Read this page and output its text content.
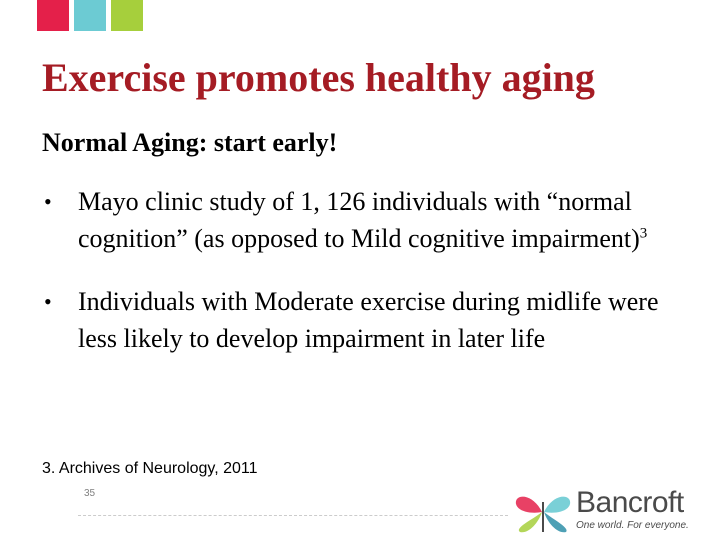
Exercise promotes healthy aging
Normal Aging: start early!
• Mayo clinic study of 1, 126 individuals with “normal cognition” (as opposed to Mild cognitive impairment)$^3$
• Individuals with Moderate exercise during midlife were less likely to develop impairment in later life
3. Archives of Neurology, 2011
35	Bancroft
One world. For everyone.
